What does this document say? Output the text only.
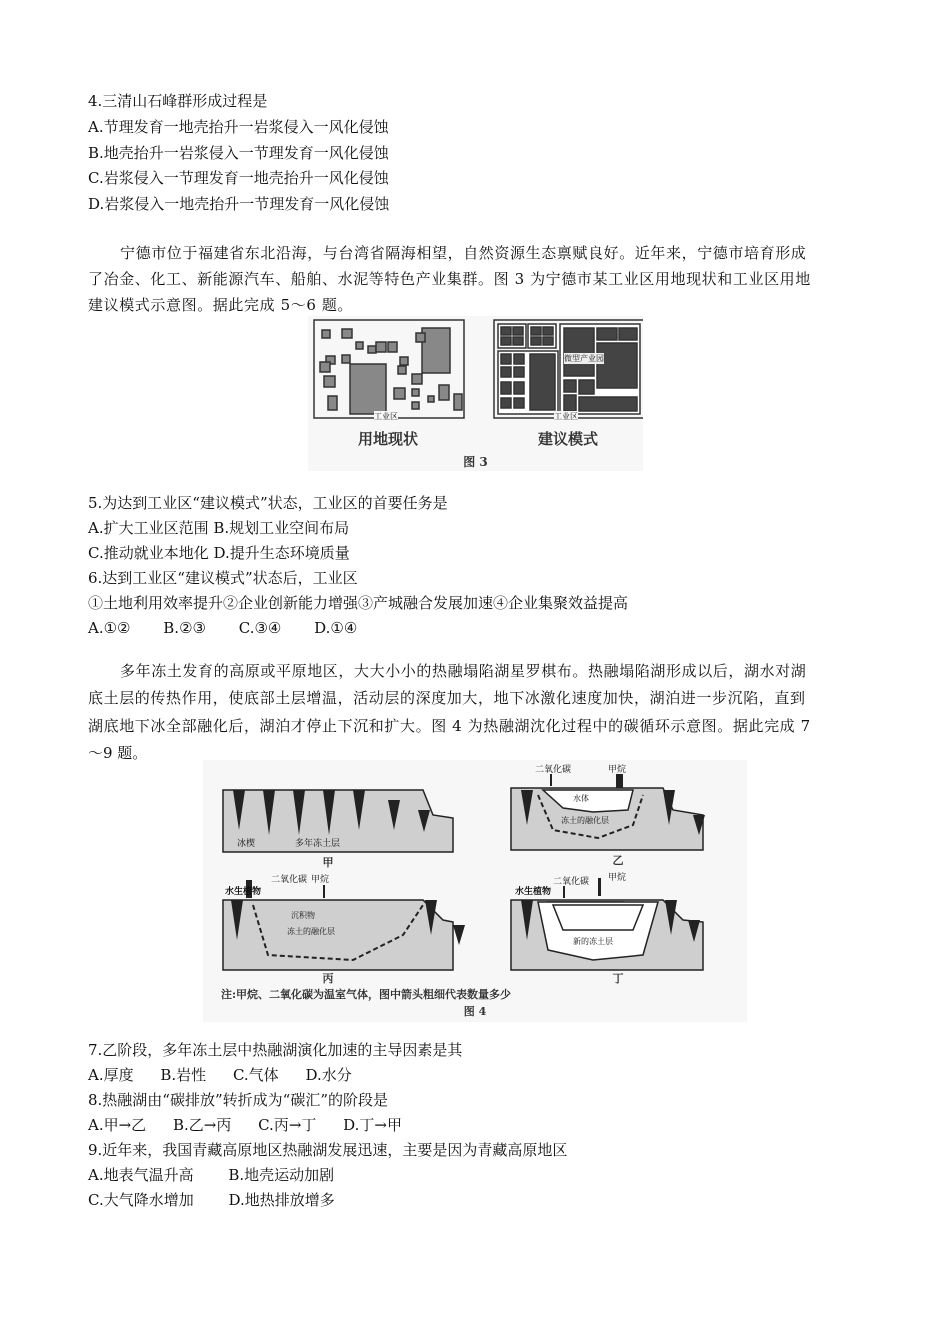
4.三清山石峰群形成过程是
A.节理发育一地壳抬升一岩浆侵入一风化侵蚀
B.地壳抬升一岩浆侵入一节理发育一风化侵蚀
C.岩浆侵入一节理发育一地壳抬升一风化侵蚀
D.岩浆侵入一地壳抬升一节理发育一风化侵蚀
宁德市位于福建省东北沿海，与台湾省隔海相望，自然资源生态禀赋良好。近年来，宁德市培育形成
了冶金、化工、新能源汽车、船舶、水泥等特色产业集群。图 3 为宁德市某工业区用地现状和工业区用地
建议模式示意图。据此完成 5～6 题。
工业区	工业区
微型产业园
用地现状	建议模式
图 3
5.为达到工业区“建议模式”状态，工业区的首要任务是
A.扩大工业区范围 B.规划工业空间布局
C.推动就业本地化 D.提升生态环境质量
6.达到工业区“建议模式”状态后，工业区
①土地利用效率提升②企业创新能力增强③产城融合发展加速④企业集聚效益提高
A.①② B.②③ C.③④ D.①④
多年冻土发育的高原或平原地区，大大小小的热融塌陷湖星罗棋布。热融塌陷湖形成以后，湖水对湖
底土层的传热作用，使底部土层增温，活动层的深度加大，地下冰激化速度加快，湖泊进一步沉陷，直到
湖底地下冰全部融化后，湖泊才停止下沉和扩大。图 4 为热融湖沈化过程中的碳循环示意图。据此完成 7
～9 题。
冰楔	多年冻土层
甲
二氧化碳	甲烷
水体
冻土的融化层
乙
水生植物
二氧化碳 甲烷
沉积物
冻土的融化层
丙
水生植物
二氧化碳 甲烷
新的冻土层
丁
注:甲烷、二氧化碳为温室气体，图中箭头粗细代表数量多少
图 4
7.乙阶段，多年冻土层中热融湖演化加速的主导因素是其
A.厚度 B.岩性 C.气体 D.水分
8.热融湖由“碳排放”转折成为“碳汇”的阶段是
A.甲→乙 B.乙→丙 C.丙→丁 D.丁→甲
9.近年来，我国青藏高原地区热融湖发展迅速，主要是因为青藏高原地区
A.地表气温升高 B.地壳运动加剧
C.大气降水增加 D.地热排放增多
